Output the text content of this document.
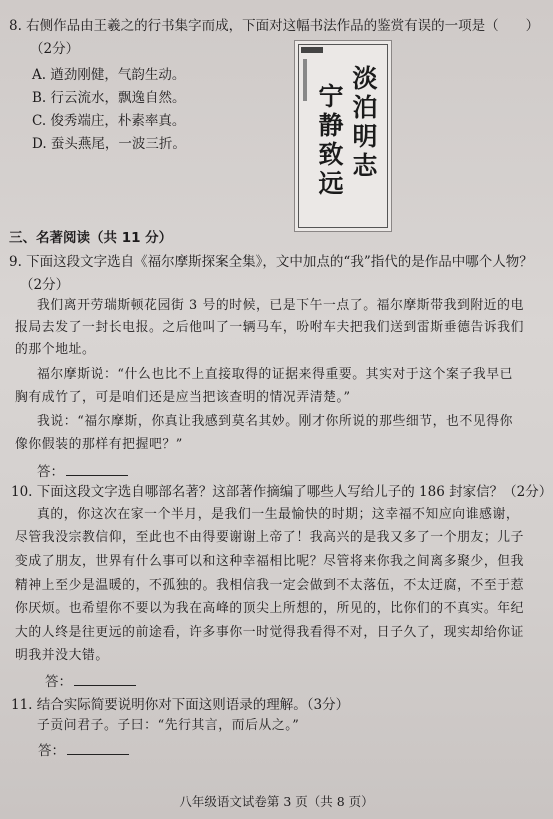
8. 右侧作品由王羲之的行书集字而成，下面对这幅书法作品的鉴赏有误的一项是（　　）
（2分）
A. 遒劲刚健，气韵生动。
B. 行云流水，飘逸自然。
C. 俊秀端庄，朴素率真。
D. 蚕头燕尾，一波三折。	淡泊明志
宁静致远
三、名著阅读（共 11 分）
9. 下面这段文字选自《福尔摩斯探案全集》，文中加点的“我”指代的是作品中哪个人物？
（2分）
我们离开劳瑞斯顿花园街 3 号的时候，已是下午一点了。福尔摩斯带我到附近的电
报局去发了一封长电报。之后他叫了一辆马车，吩咐车夫把我们送到雷斯垂德告诉我们
的那个地址。
福尔摩斯说：“什么也比不上直接取得的证据来得重要。其实对于这个案子我早已
胸有成竹了，可是咱们还是应当把该查明的情况弄清楚。”
我说：“福尔摩斯，你真让我感到莫名其妙。刚才你所说的那些细节，也不见得你
像你假装的那样有把握吧？”
答：
10. 下面这段文字选自哪部名著？这部著作摘编了哪些人写给儿子的 186 封家信？（2分）
真的，你这次在家一个半月，是我们一生最愉快的时期；这幸福不知应向谁感谢，
尽管我没宗教信仰，至此也不由得要谢谢上帝了！我高兴的是我又多了一个朋友；儿子
变成了朋友，世界有什么事可以和这种幸福相比呢？尽管将来你我之间离多聚少，但我
精神上至少是温暖的，不孤独的。我相信我一定会做到不太落伍，不太迂腐，不至于惹
你厌烦。也希望你不要以为我在高峰的顶尖上所想的，所见的，比你们的不真实。年纪
大的人终是往更远的前途看，许多事你一时觉得我看得不对，日子久了，现实却给你证
明我并没大错。
答：
11. 结合实际简要说明你对下面这则语录的理解。（3分）
子贡问君子。子曰：“先行其言，而后从之。”
答：
八年级语文试卷第 3 页（共 8 页）
